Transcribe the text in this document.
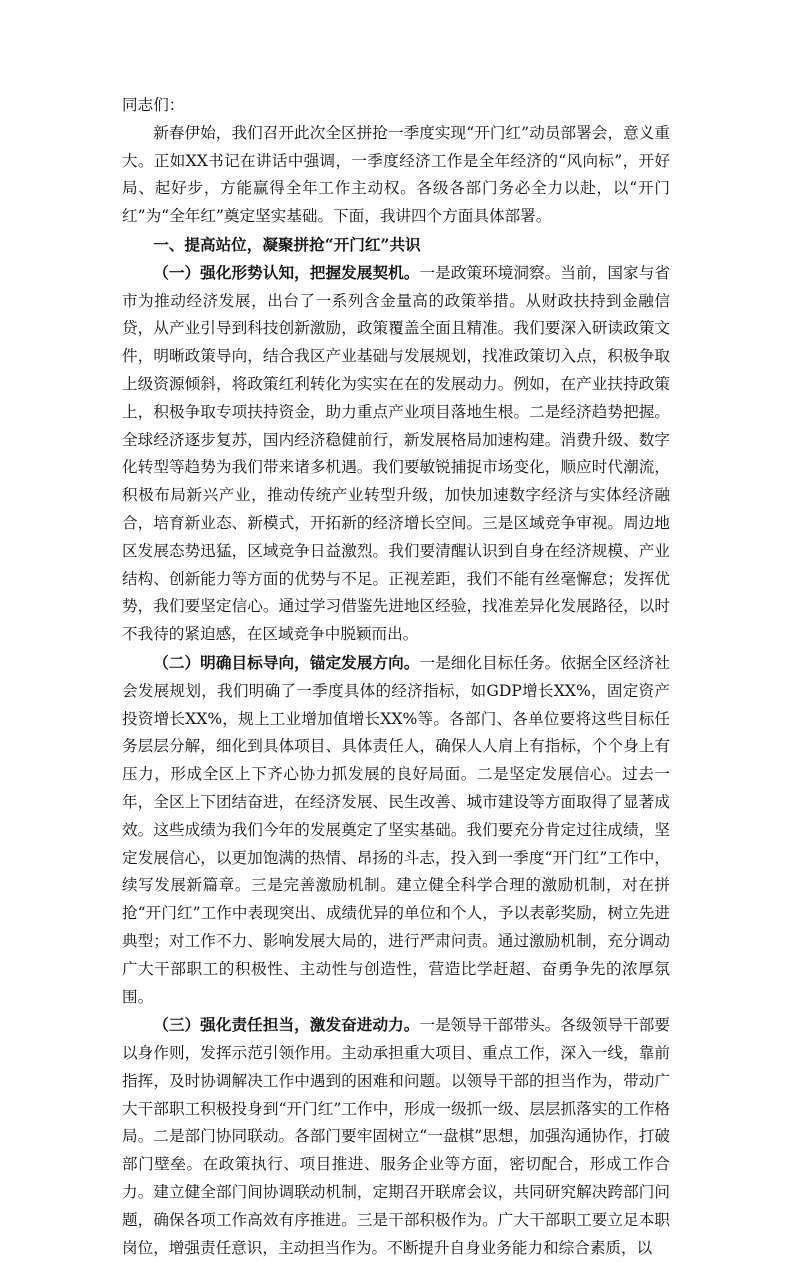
同志们：

新春伊始，我们召开此次全区拼抢一季度实现“开门红”动员部署会，意义重大。正如XX书记在讲话中强调，一季度经济工作是全年经济的“风向标”，开好局、起好步，方能赢得全年工作主动权。各级各部门务必全力以赴，以“开门红”为“全年红”奠定坚实基础。下面，我讲四个方面具体部署。

一、提高站位，凝聚拼抢“开门红”共识

（一）强化形势认知，把握发展契机。一是政策环境洞察。当前，国家与省市为推动经济发展，出台了一系列含金量高的政策举措。从财政扶持到金融信贷，从产业引导到科技创新激励，政策覆盖全面且精准。我们要深入研读政策文件，明晰政策导向，结合我区产业基础与发展规划，找准政策切入点，积极争取上级资源倾斜，将政策红利转化为实实在在的发展动力。例如，在产业扶持政策上，积极争取专项扶持资金，助力重点产业项目落地生根。二是经济趋势把握。全球经济逐步复苏，国内经济稳健前行，新发展格局加速构建。消费升级、数字化转型等趋势为我们带来诸多机遇。我们要敏锐捕捉市场变化，顺应时代潮流，积极布局新兴产业，推动传统产业转型升级，加快加速数字经济与实体经济融合，培育新业态、新模式，开拓新的经济增长空间。三是区域竞争审视。周边地区发展态势迅猛，区域竞争日益激烈。我们要清醒认识到自身在经济规模、产业结构、创新能力等方面的优势与不足。正视差距，我们不能有丝毫懈怠；发挥优势，我们要坚定信心。通过学习借鉴先进地区经验，找准差异化发展路径，以时不我待的紧迫感，在区域竞争中脱颖而出。

（二）明确目标导向，锚定发展方向。一是细化目标任务。依据全区经济社会发展规划，我们明确了一季度具体的经济指标，如GDP增长XX%，固定资产投资增长XX%，规上工业增加值增长XX%等。各部门、各单位要将这些目标任务层层分解，细化到具体项目、具体责任人，确保人人肩上有指标，个个身上有压力，形成全区上下齐心协力抓发展的良好局面。二是坚定发展信心。过去一年，全区上下团结奋进，在经济发展、民生改善、城市建设等方面取得了显著成效。这些成绩为我们今年的发展奠定了坚实基础。我们要充分肯定过往成绩，坚定发展信心，以更加饱满的热情、昂扬的斗志，投入到一季度“开门红”工作中，续写发展新篇章。三是完善激励机制。建立健全科学合理的激励机制，对在拼抢“开门红”工作中表现突出、成绩优异的单位和个人，予以表彰奖励，树立先进典型；对工作不力、影响发展大局的，进行严肃问责。通过激励机制，充分调动广大干部职工的积极性、主动性与创造性，营造比学赶超、奋勇争先的浓厚氛围。

（三）强化责任担当，激发奋进动力。一是领导干部带头。各级领导干部要以身作则，发挥示范引领作用。主动承担重大项目、重点工作，深入一线，靠前指挥，及时协调解决工作中遇到的困难和问题。以领导干部的担当作为，带动广大干部职工积极投身到“开门红”工作中，形成一级抓一级、层层抓落实的工作格局。二是部门协同联动。各部门要牢固树立“一盘棋”思想，加强沟通协作，打破部门壁垒。在政策执行、项目推进、服务企业等方面，密切配合，形成工作合力。建立健全部门间协调联动机制，定期召开联席会议，共同研究解决跨部门问题，确保各项工作高效有序推进。三是干部积极作为。广大干部职工要立足本职岗位，增强责任意识，主动担当作为。不断提升自身业务能力和综合素质，以
